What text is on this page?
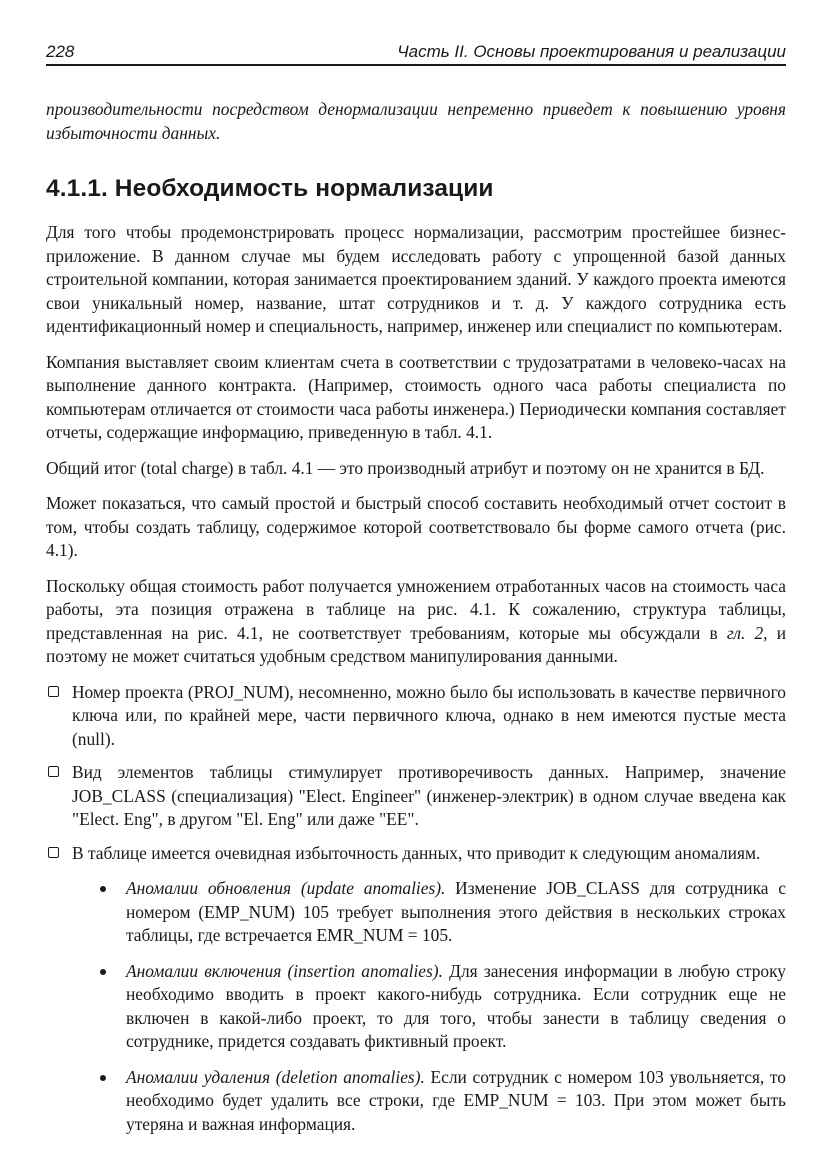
228	Часть II. Основы проектирования и реализации
производительности посредством денормализации непременно приведет к повышению уровня избыточности данных.
4.1.1. Необходимость нормализации

Для того чтобы продемонстрировать процесс нормализации, рассмотрим простейшее бизнес-приложение. В данном случае мы будем исследовать работу с упрощенной базой данных строительной компании, которая занимается проектированием зданий. У каждого проекта имеются свои уникальный номер, название, штат сотрудников и т. д. У каждого сотрудника есть идентификационный номер и специальность, например, инженер или специалист по компьютерам.

Компания выставляет своим клиентам счета в соответствии с трудозатратами в человеко-часах на выполнение данного контракта. (Например, стоимость одного часа работы специалиста по компьютерам отличается от стоимости часа работы инженера.) Периодически компания составляет отчеты, содержащие информацию, приведенную в табл. 4.1.

Общий итог (total charge) в табл. 4.1 — это производный атрибут и поэтому он не хранится в БД.

Может показаться, что самый простой и быстрый способ составить необходимый отчет состоит в том, чтобы создать таблицу, содержимое которой соответствовало бы форме самого отчета (рис. 4.1).

Поскольку общая стоимость работ получается умножением отработанных часов на стоимость часа работы, эта позиция отражена в таблице на рис. 4.1. К сожалению, структура таблицы, представленная на рис. 4.1, не соответствует требованиям, которые мы обсуждали в гл. 2, и поэтому не может считаться удобным средством манипулирования данными.

Номер проекта (PROJ_NUM), несомненно, можно было бы использовать в качестве первичного ключа или, по крайней мере, части первичного ключа, однако в нем имеются пустые места (null).
Вид элементов таблицы стимулирует противоречивость данных. Например, значение JOB_CLASS (специализация) "Elect. Engineer" (инженер-электрик) в одном случае введена как "Elect. Eng", в другом "El. Eng" или даже "EE".
В таблице имеется очевидная избыточность данных, что приводит к следующим аномалиям.
Аномалии обновления (update anomalies). Изменение JOB_CLASS для сотрудника с номером (EMP_NUM) 105 требует выполнения этого действия в нескольких строках таблицы, где встречается EMR_NUM = 105.
Аномалии включения (insertion anomalies). Для занесения информации в любую строку необходимо вводить в проект какого-нибудь сотрудника. Если сотрудник еще не включен в какой-либо проект, то для того, чтобы занести в таблицу сведения о сотруднике, придется создавать фиктивный проект.
Аномалии удаления (deletion anomalies). Если сотрудник с номером 103 увольняется, то необходимо будет удалить все строки, где EMP_NUM = 103. При этом может быть утеряна и важная информация.
